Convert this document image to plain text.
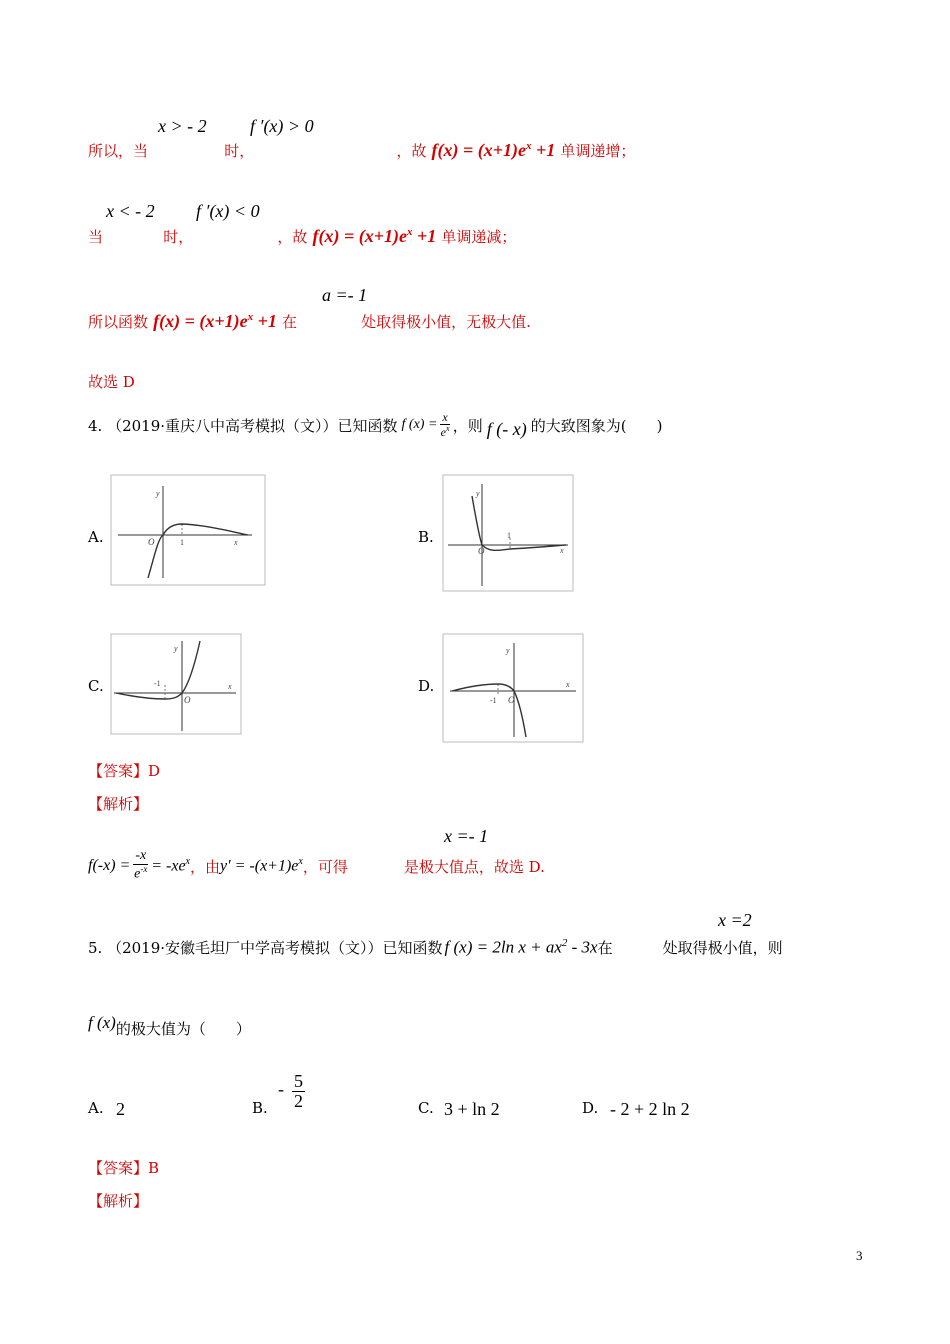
x > - 2 f ′(x) > 0
所以，当	时，	，故 $f(x) = (x+1)e^x +1$ 单调递增；
x < - 2 f ′(x) < 0
当	时，	，故 $f(x) = (x+1)e^x +1$ 单调递减；
a =- 1
所以函数 $f(x) = (x+1)e^x +1$ 在	处取得极小值，无极大值.
故选 D
4. （2019·重庆八中高考模拟（文））已知函数 f $(x) = \frac{x}{e^x}$ ，则 f (- x) 的大致图象为(　　)
A.
y
O	1	x	B.
y
O
1
x
C.
y
-1
O
x	D.
y
-1 O
x
【答案】D
【解析】
x =- 1
$f(-x) = \frac{-x}{e^{-x}} = -xe^x$ ，由 $y' = -(x+1)e^x$ ，可得	是极大值点，故选 D.
x =2
5. （2019·安徽毛坦厂中学高考模拟（文））已知函数 f (x) = 2ln $x + ax^2 - 3x$ 在	处取得极小值，则
f (x) 的极大值为（　　）
A. 2	B.
- $\frac{5}{2}$	C. 3 + ln 2	D. - 2 + 2 ln 2
【答案】B
【解析】
3
